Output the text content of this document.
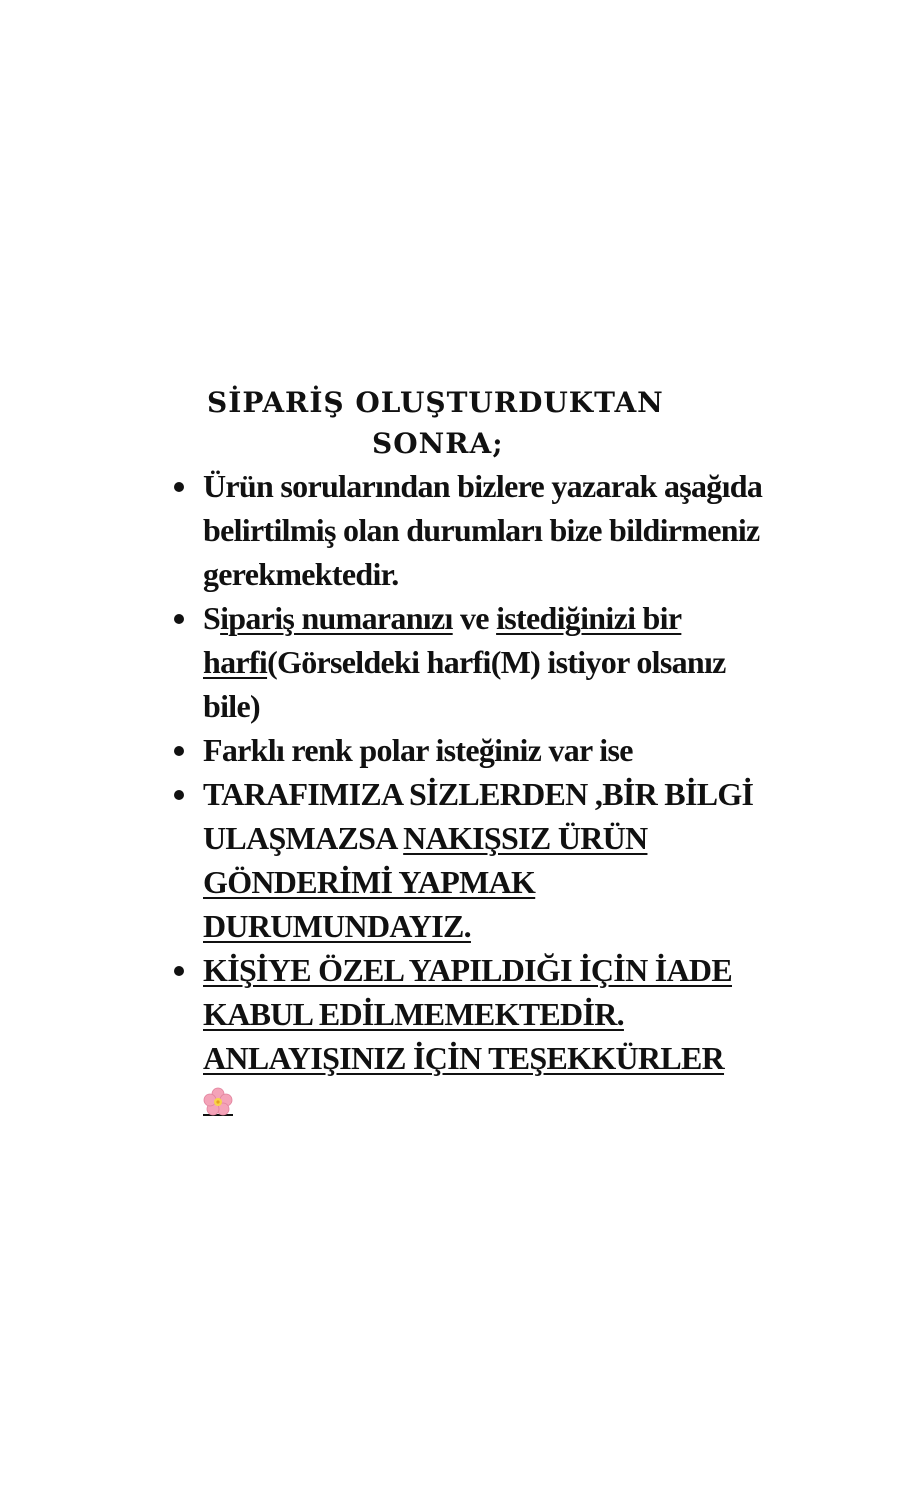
SİPARİŞ OLUŞTURDUKTAN
SONRA;
Ürün sorularından bizlere yazarak aşağıda belirtilmiş olan durumları bize bildirmeniz gerekmektedir.
Sipariş numaranızı ve istediğinizi bir harfi(Görseldeki harfi(M) istiyor olsanız bile)
Farklı renk polar isteğiniz var ise
TARAFIMIZA SİZLERDEN ,BİR BİLGİ ULAŞMAZSA NAKIŞSIZ ÜRÜN GÖNDERİMİ YAPMAK DURUMUNDAYIZ.
KİŞİYE ÖZEL YAPILDIĞI İÇİN İADE KABUL EDİLMEMEKTEDİR. ANLAYIŞINIZ İÇİN TEŞEKKÜRLER
